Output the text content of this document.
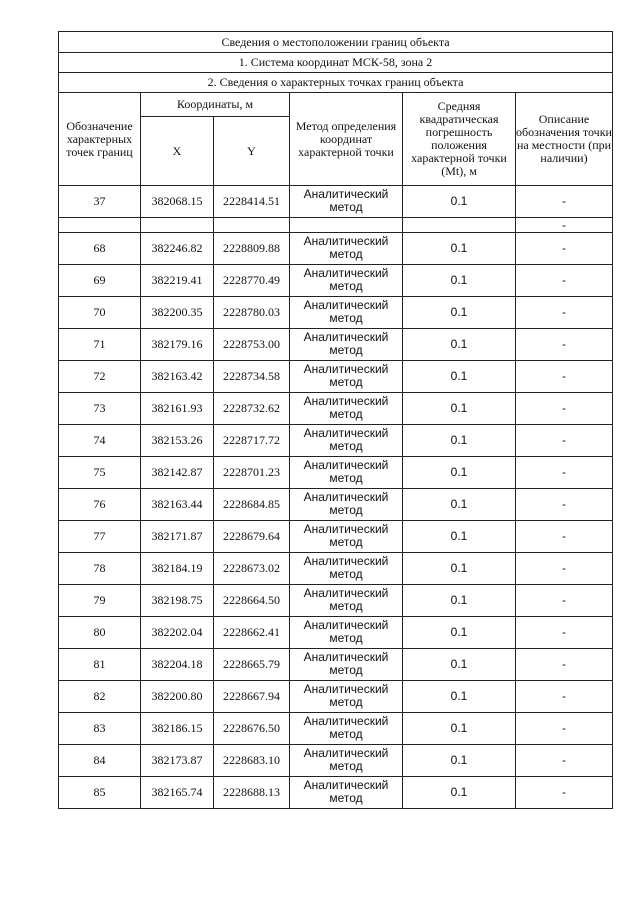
Сведения о местоположении границ объекта					
1. Система координат МСК-58, зона 2					
2. Сведения о характерных точках границ объекта					
Обозначение характерных точек границ	Координаты, м		Метод определения координат характерной точки	Средняя квадратическая погрешность положения характерной точки (Mt), м	Описание обозначения точки на местности (при наличии)
	X	Y			
37	382068.15	2228414.51	Аналитический метод	0.1	-
					-
68	382246.82	2228809.88	Аналитический метод	0.1	-
69	382219.41	2228770.49	Аналитический метод	0.1	-
70	382200.35	2228780.03	Аналитический метод	0.1	-
71	382179.16	2228753.00	Аналитический метод	0.1	-
72	382163.42	2228734.58	Аналитический метод	0.1	-
73	382161.93	2228732.62	Аналитический метод	0.1	-
74	382153.26	2228717.72	Аналитический метод	0.1	-
75	382142.87	2228701.23	Аналитический метод	0.1	-
76	382163.44	2228684.85	Аналитический метод	0.1	-
77	382171.87	2228679.64	Аналитический метод	0.1	-
78	382184.19	2228673.02	Аналитический метод	0.1	-
79	382198.75	2228664.50	Аналитический метод	0.1	-
80	382202.04	2228662.41	Аналитический метод	0.1	-
81	382204.18	2228665.79	Аналитический метод	0.1	-
82	382200.80	2228667.94	Аналитический метод	0.1	-
83	382186.15	2228676.50	Аналитический метод	0.1	-
84	382173.87	2228683.10	Аналитический метод	0.1	-
85	382165.74	2228688.13	Аналитический метод	0.1	-
